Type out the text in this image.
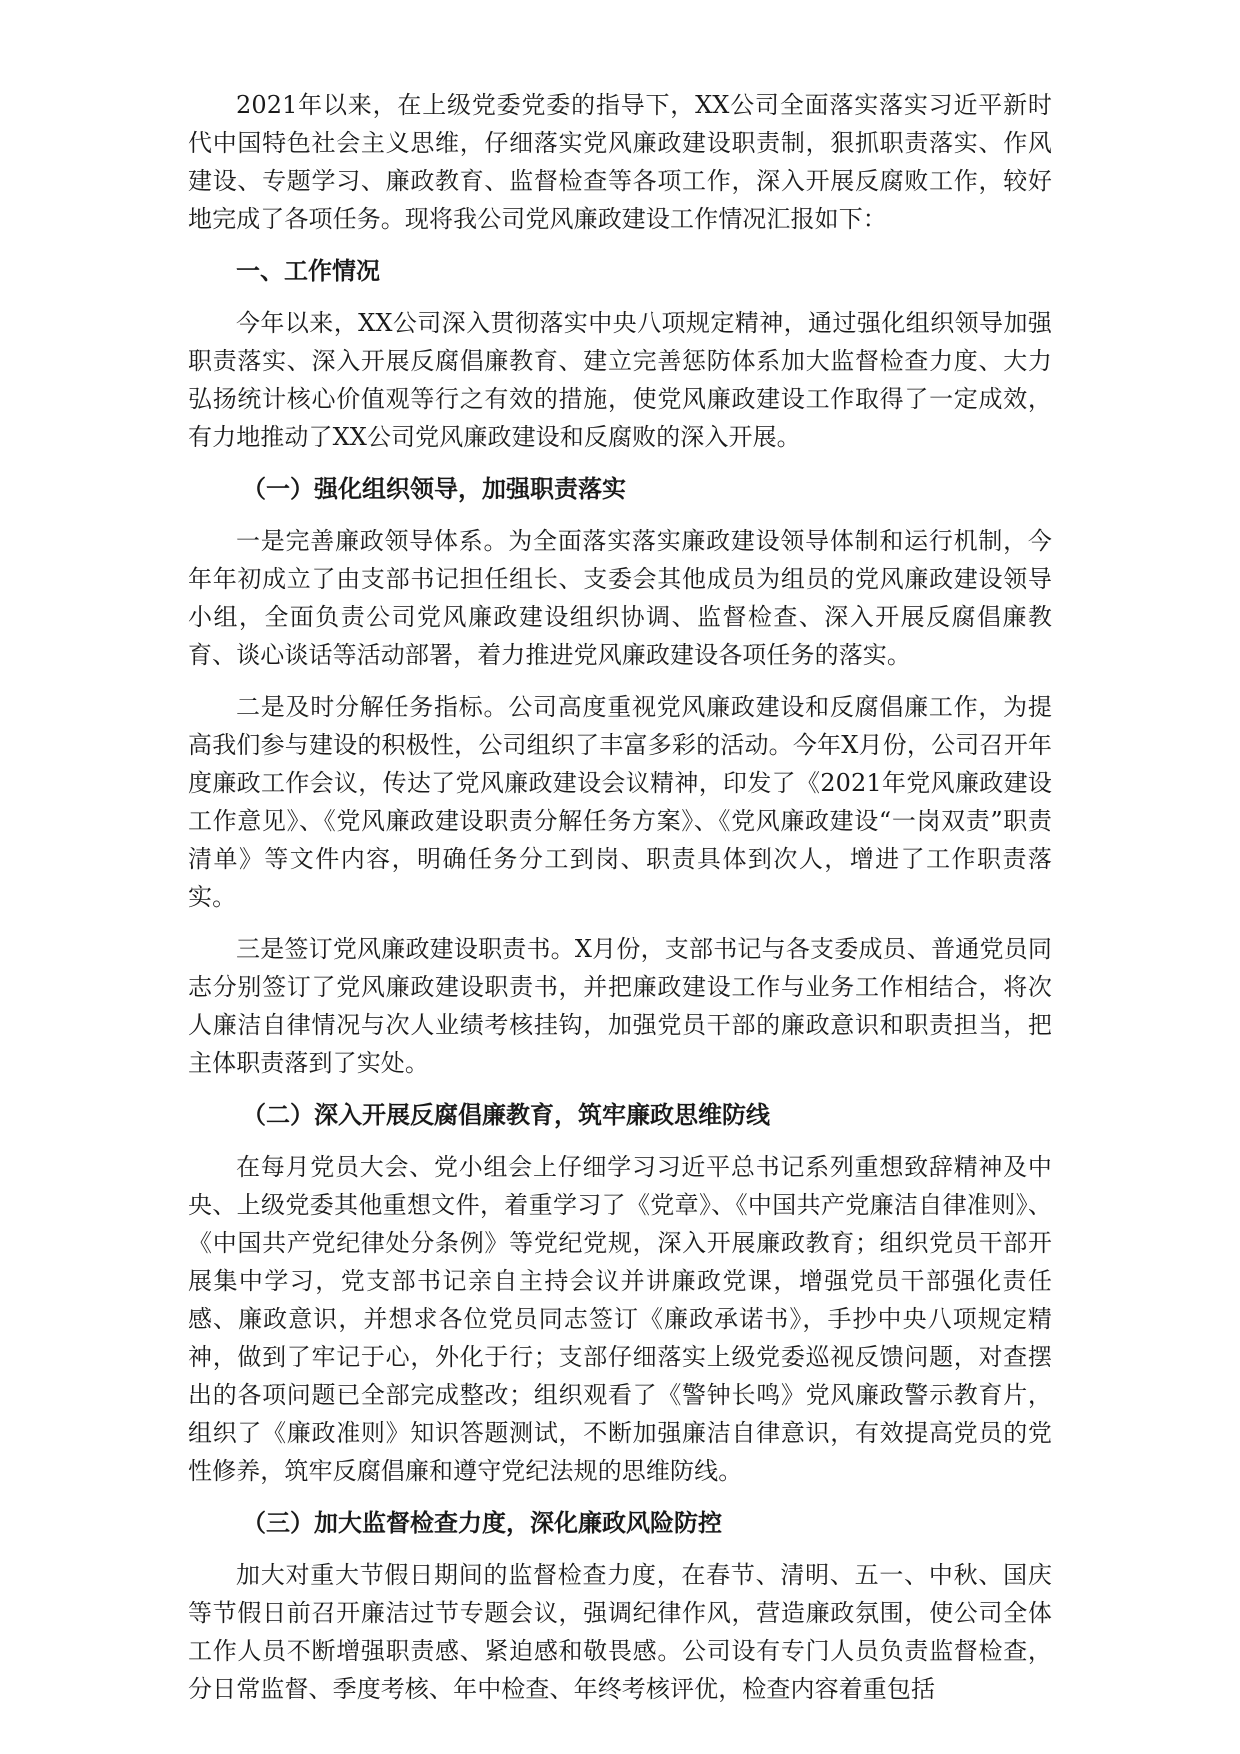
2021年以来，在上级党委党委的指导下，XX公司全面落实落实习近平新时代中国特色社会主义思维，仔细落实党风廉政建设职责制，狠抓职责落实、作风建设、专题学习、廉政教育、监督检查等各项工作，深入开展反腐败工作，较好地完成了各项任务。现将我公司党风廉政建设工作情况汇报如下：

一、工作情况

今年以来，XX公司深入贯彻落实中央八项规定精神，通过强化组织领导加强职责落实、深入开展反腐倡廉教育、建立完善惩防体系加大监督检查力度、大力弘扬统计核心价值观等行之有效的措施，使党风廉政建设工作取得了一定成效，有力地推动了XX公司党风廉政建设和反腐败的深入开展。

（一）强化组织领导，加强职责落实

一是完善廉政领导体系。为全面落实落实廉政建设领导体制和运行机制，今年年初成立了由支部书记担任组长、支委会其他成员为组员的党风廉政建设领导小组，全面负责公司党风廉政建设组织协调、监督检查、深入开展反腐倡廉教育、谈心谈话等活动部署，着力推进党风廉政建设各项任务的落实。

二是及时分解任务指标。公司高度重视党风廉政建设和反腐倡廉工作，为提高我们参与建设的积极性，公司组织了丰富多彩的活动。今年X月份，公司召开年度廉政工作会议，传达了党风廉政建设会议精神，印发了《2021年党风廉政建设工作意见》、《党风廉政建设职责分解任务方案》、《党风廉政建设“一岗双责”职责清单》等文件内容，明确任务分工到岗、职责具体到次人，增进了工作职责落实。

三是签订党风廉政建设职责书。X月份，支部书记与各支委成员、普通党员同志分别签订了党风廉政建设职责书，并把廉政建设工作与业务工作相结合，将次人廉洁自律情况与次人业绩考核挂钩，加强党员干部的廉政意识和职责担当，把主体职责落到了实处。

（二）深入开展反腐倡廉教育，筑牢廉政思维防线

在每月党员大会、党小组会上仔细学习习近平总书记系列重想致辞精神及中央、上级党委其他重想文件，着重学习了《党章》、《中国共产党廉洁自律准则》、《中国共产党纪律处分条例》等党纪党规，深入开展廉政教育；组织党员干部开展集中学习，党支部书记亲自主持会议并讲廉政党课，增强党员干部强化责任感、廉政意识，并想求各位党员同志签订《廉政承诺书》，手抄中央八项规定精神，做到了牢记于心，外化于行；支部仔细落实上级党委巡视反馈问题，对查摆出的各项问题已全部完成整改；组织观看了《警钟长鸣》党风廉政警示教育片，组织了《廉政准则》知识答题测试，不断加强廉洁自律意识，有效提高党员的党性修养，筑牢反腐倡廉和遵守党纪法规的思维防线。

（三）加大监督检查力度，深化廉政风险防控

加大对重大节假日期间的监督检查力度，在春节、清明、五一、中秋、国庆等节假日前召开廉洁过节专题会议，强调纪律作风，营造廉政氛围，使公司全体工作人员不断增强职责感、紧迫感和敬畏感。公司设有专门人员负责监督检查，分日常监督、季度考核、年中检查、年终考核评优，检查内容着重包括
